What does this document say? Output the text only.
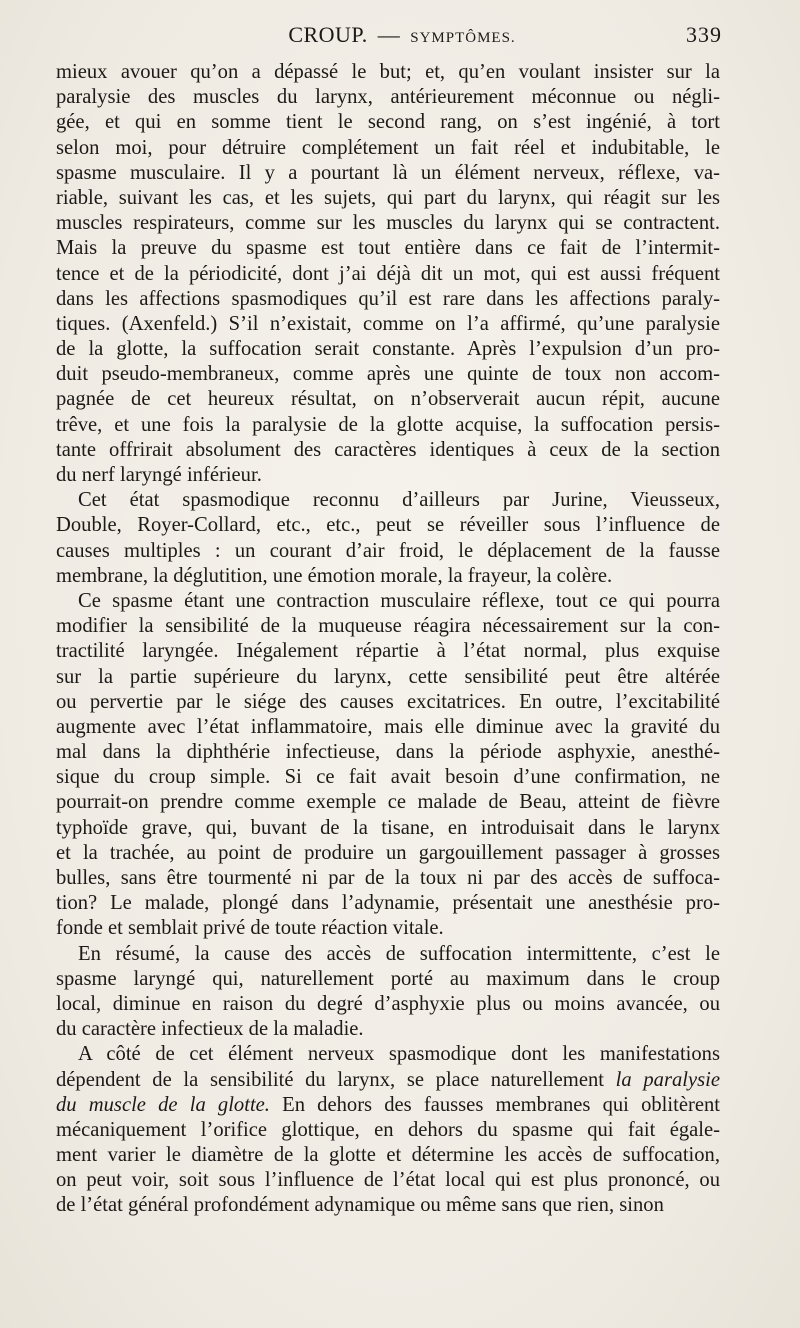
CROUP. — SYMPTÔMES.	339
mieux avouer qu’on a dépassé le but; et, qu’en voulant insister sur la
paralysie des muscles du larynx, antérieurement méconnue ou négli-
gée, et qui en somme tient le second rang, on s’est ingénié, à tort
selon moi, pour détruire complétement un fait réel et indubitable, le
spasme musculaire. Il y a pourtant là un élément nerveux, réflexe, va-
riable, suivant les cas, et les sujets, qui part du larynx, qui réagit sur les
muscles respirateurs, comme sur les muscles du larynx qui se contractent.
Mais la preuve du spasme est tout entière dans ce fait de l’intermit-
tence et de la périodicité, dont j’ai déjà dit un mot, qui est aussi fréquent
dans les affections spasmodiques qu’il est rare dans les affections paraly-
tiques. (Axenfeld.) S’il n’existait, comme on l’a affirmé, qu’une paralysie
de la glotte, la suffocation serait constante. Après l’expulsion d’un pro-
duit pseudo-membraneux, comme après une quinte de toux non accom-
pagnée de cet heureux résultat, on n’observerait aucun répit, aucune
trêve, et une fois la paralysie de la glotte acquise, la suffocation persis-
tante offrirait absolument des caractères identiques à ceux de la section
du nerf laryngé inférieur.
Cet état spasmodique reconnu d’ailleurs par Jurine, Vieusseux,
Double, Royer-Collard, etc., etc., peut se réveiller sous l’influence de
causes multiples : un courant d’air froid, le déplacement de la fausse
membrane, la déglutition, une émotion morale, la frayeur, la colère.
Ce spasme étant une contraction musculaire réflexe, tout ce qui pourra
modifier la sensibilité de la muqueuse réagira nécessairement sur la con-
tractilité laryngée. Inégalement répartie à l’état normal, plus exquise
sur la partie supérieure du larynx, cette sensibilité peut être altérée
ou pervertie par le siége des causes excitatrices. En outre, l’excitabilité
augmente avec l’état inflammatoire, mais elle diminue avec la gravité du
mal dans la diphthérie infectieuse, dans la période asphyxie, anesthé-
sique du croup simple. Si ce fait avait besoin d’une confirmation, ne
pourrait-on prendre comme exemple ce malade de Beau, atteint de fièvre
typhoïde grave, qui, buvant de la tisane, en introduisait dans le larynx
et la trachée, au point de produire un gargouillement passager à grosses
bulles, sans être tourmenté ni par de la toux ni par des accès de suffoca-
tion? Le malade, plongé dans l’adynamie, présentait une anesthésie pro-
fonde et semblait privé de toute réaction vitale.
En résumé, la cause des accès de suffocation intermittente, c’est le
spasme laryngé qui, naturellement porté au maximum dans le croup
local, diminue en raison du degré d’asphyxie plus ou moins avancée, ou
du caractère infectieux de la maladie.
A côté de cet élément nerveux spasmodique dont les manifestations
dépendent de la sensibilité du larynx, se place naturellement la paralysie
du muscle de la glotte. En dehors des fausses membranes qui oblitèrent
mécaniquement l’orifice glottique, en dehors du spasme qui fait égale-
ment varier le diamètre de la glotte et détermine les accès de suffocation,
on peut voir, soit sous l’influence de l’état local qui est plus prononcé, ou
de l’état général profondément adynamique ou même sans que rien, sinon
